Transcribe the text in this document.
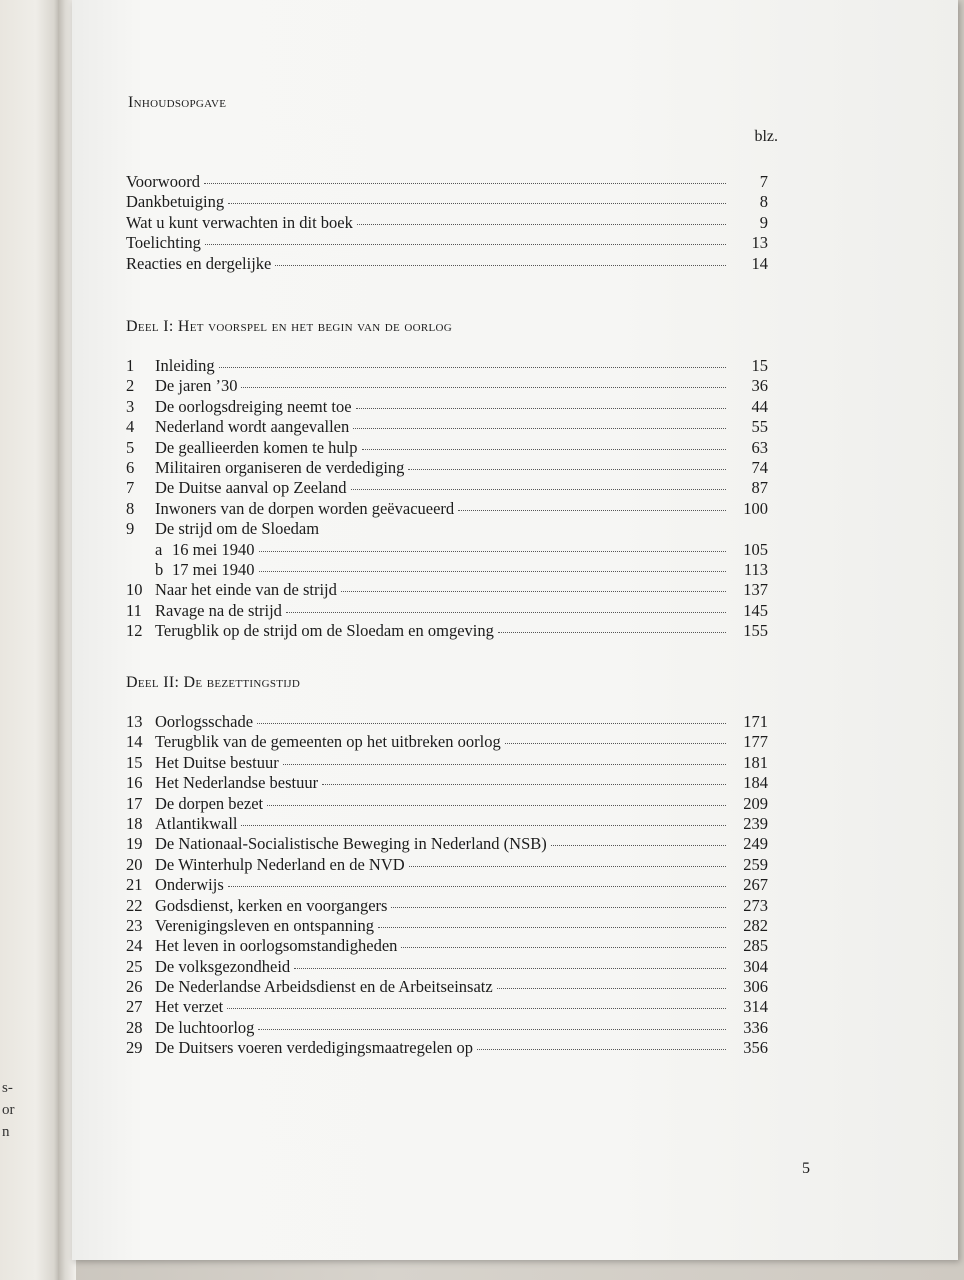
s-
or
n
Inhoudsopgave
blz.
Voorwoord	7
Dankbetuiging	8
Wat u kunt verwachten in dit boek	9
Toelichting	13
Reacties en dergelijke	14
Deel I: Het voorspel en het begin van de oorlog
1	Inleiding	15
2	De jaren ’30	36
3	De oorlogsdreiging neemt toe	44
4	Nederland wordt aangevallen	55
5	De geallieerden komen te hulp	63
6	Militairen organiseren de verdediging	74
7	De Duitse aanval op Zeeland	87
8	Inwoners van de dorpen worden geëvacueerd	100
9	De strijd om de Sloedam
a 16 mei 1940	105
b 17 mei 1940	113
10 Naar het einde van de strijd	137
11 Ravage na de strijd	145
12 Terugblik op de strijd om de Sloedam en omgeving	155
Deel II: De bezettingstijd
13 Oorlogsschade	171
14 Terugblik van de gemeenten op het uitbreken oorlog	177
15 Het Duitse bestuur	181
16 Het Nederlandse bestuur	184
17 De dorpen bezet	209
18 Atlantikwall	239
19 De Nationaal-Socialistische Beweging in Nederland (NSB)	249
20 De Winterhulp Nederland en de NVD	259
21 Onderwijs	267
22 Godsdienst, kerken en voorgangers	273
23 Verenigingsleven en ontspanning	282
24 Het leven in oorlogsomstandigheden	285
25 De volksgezondheid	304
26 De Nederlandse Arbeidsdienst en de Arbeitseinsatz	306
27 Het verzet	314
28 De luchtoorlog	336
29 De Duitsers voeren verdedigingsmaatregelen op	356
5
